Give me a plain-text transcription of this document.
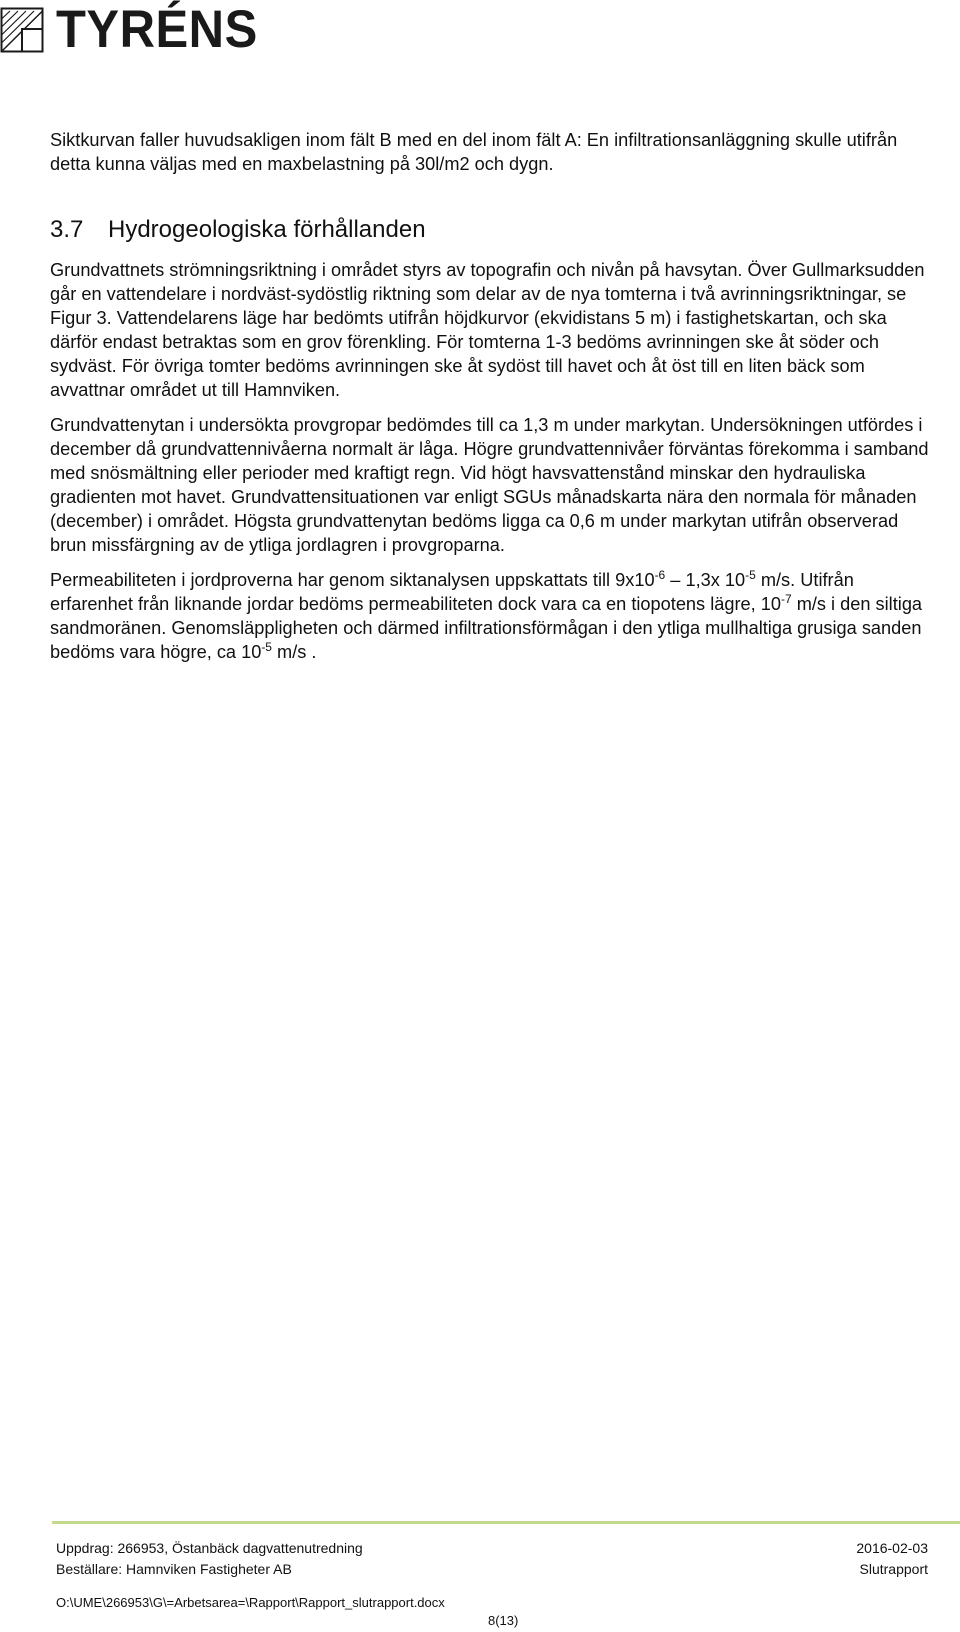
TYRÉNS

Siktkurvan faller huvudsakligen inom fält B med en del inom fält A: En infiltrationsanläggning skulle utifrån detta kunna väljas med en maxbelastning på 30l/m2 och dygn.

3.7 Hydrogeologiska förhållanden

Grundvattnets strömningsriktning i området styrs av topografin och nivån på havsytan. Över Gullmarksudden går en vattendelare i nordväst-sydöstlig riktning som delar av de nya tomterna i två avrinningsriktningar, se Figur 3. Vattendelarens läge har bedömts utifrån höjdkurvor (ekvidistans 5 m) i fastighetskartan, och ska därför endast betraktas som en grov förenkling. För tomterna 1-3 bedöms avrinningen ske åt söder och sydväst. För övriga tomter bedöms avrinningen ske åt sydöst till havet och åt öst till en liten bäck som avvattnar området ut till Hamnviken.

Grundvattenytan i undersökta provgropar bedömdes till ca 1,3 m under markytan. Undersökningen utfördes i december då grundvattennivåerna normalt är låga. Högre grundvattennivåer förväntas förekomma i samband med snösmältning eller perioder med kraftigt regn. Vid högt havsvattenstånd minskar den hydrauliska gradienten mot havet. Grundvattensituationen var enligt SGUs månadskarta nära den normala för månaden (december) i området. Högsta grundvattenytan bedöms ligga ca 0,6 m under markytan utifrån observerad brun missfärgning av de ytliga jordlagren i provgroparna.

Permeabiliteten i jordproverna har genom siktanalysen uppskattats till $9x10^{-6} - 1,3x$ $10^{-5}$ m/s. Utifrån erfarenhet från liknande jordar bedöms permeabiliteten dock vara ca en tiopotens lägre, $10^{-7}$ m/s i den siltiga sandmoränen. Genomsläppligheten och därmed infiltrationsförmågan i den ytliga mullhaltiga grusiga sanden bedöms vara högre, ca $10^{-5}$ m/s .

Uppdrag: 266953, Östanbäck dagvattenutredning	2016-02-03
Beställare: Hamnviken Fastigheter AB	Slutrapport
O:\UME\266953\G\=Arbetsarea=\Rapport\Rapport_slutrapport.docx
8(13)
